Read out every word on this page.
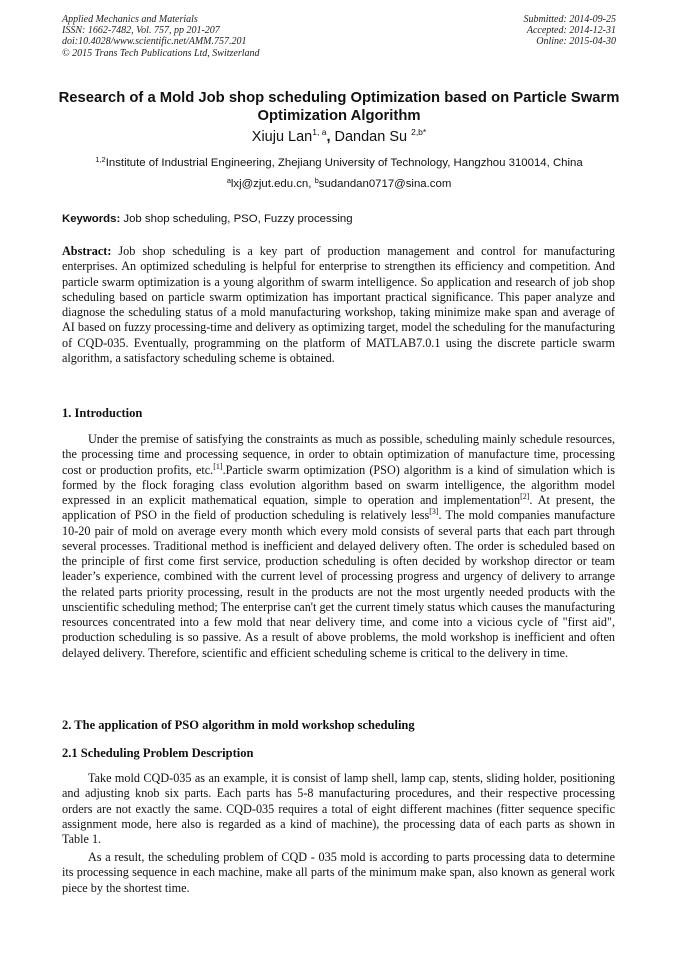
Applied Mechanics and Materials
ISSN: 1662-7482, Vol. 757, pp 201-207
doi:10.4028/www.scientific.net/AMM.757.201
© 2015 Trans Tech Publications Ltd, Switzerland
Submitted: 2014-09-25
Accepted: 2014-12-31
Online: 2015-04-30
Research of a Mold Job shop scheduling Optimization based on Particle Swarm Optimization Algorithm
Xiuju Lan$^{1, a}$, Dandan Su $^{2,b*}$
$^{1,2}$Institute of Industrial Engineering, Zhejiang University of Technology, Hangzhou 310014, China
$^a$lxj@zjut.edu.cn, $^b$sudandan0717@sina.com
Keywords: Job shop scheduling, PSO, Fuzzy processing

Abstract: Job shop scheduling is a key part of production management and control for manufacturing enterprises. An optimized scheduling is helpful for enterprise to strengthen its efficiency and competition. And particle swarm optimization is a young algorithm of swarm intelligence. So application and research of job shop scheduling based on particle swarm optimization has important practical significance. This paper analyze and diagnose the scheduling status of a mold manufacturing workshop, taking minimize make span and average of AI based on fuzzy processing-time and delivery as optimizing target, model the scheduling for the manufacturing of CQD-035. Eventually, programming on the platform of MATLAB7.0.1 using the discrete particle swarm algorithm, a satisfactory scheduling scheme is obtained.

1. Introduction

Under the premise of satisfying the constraints as much as possible, scheduling mainly schedule resources, the processing time and processing sequence, in order to obtain optimization of manufacture time, processing cost or production profits, etc.[1].Particle swarm optimization (PSO) algorithm is a kind of simulation which is formed by the flock foraging class evolution algorithm based on swarm intelligence, the algorithm model expressed in an explicit mathematical equation, simple to operation and implementation[2]. At present, the application of PSO in the field of production scheduling is relatively less[3]. The mold companies manufacture 10-20 pair of mold on average every month which every mold consists of several parts that each part through several processes. Traditional method is inefficient and delayed delivery often. The order is scheduled based on the principle of first come first service, production scheduling is often decided by workshop director or team leader’s experience, combined with the current level of processing progress and urgency of delivery to arrange the related parts priority processing, result in the products are not the most urgently needed products with the unscientific scheduling method; The enterprise can't get the current timely status which causes the manufacturing resources concentrated into a few mold that near delivery time, and come into a vicious cycle of "first aid", production scheduling is so passive. As a result of above problems, the mold workshop is inefficient and often delayed delivery. Therefore, scientific and efficient scheduling scheme is critical to the delivery in time.

2. The application of PSO algorithm in mold workshop scheduling
2.1 Scheduling Problem Description

Take mold CQD-035 as an example, it is consist of lamp shell, lamp cap, stents, sliding holder, positioning and adjusting knob six parts. Each parts has 5-8 manufacturing procedures, and their respective processing orders are not exactly the same. CQD-035 requires a total of eight different machines (fitter sequence specific assignment mode, here also is regarded as a kind of machine), the processing data of each parts as shown in Table 1.

As a result, the scheduling problem of CQD - 035 mold is according to parts processing data to determine its processing sequence in each machine, make all parts of the minimum make span, also known as general work piece by the shortest time.
